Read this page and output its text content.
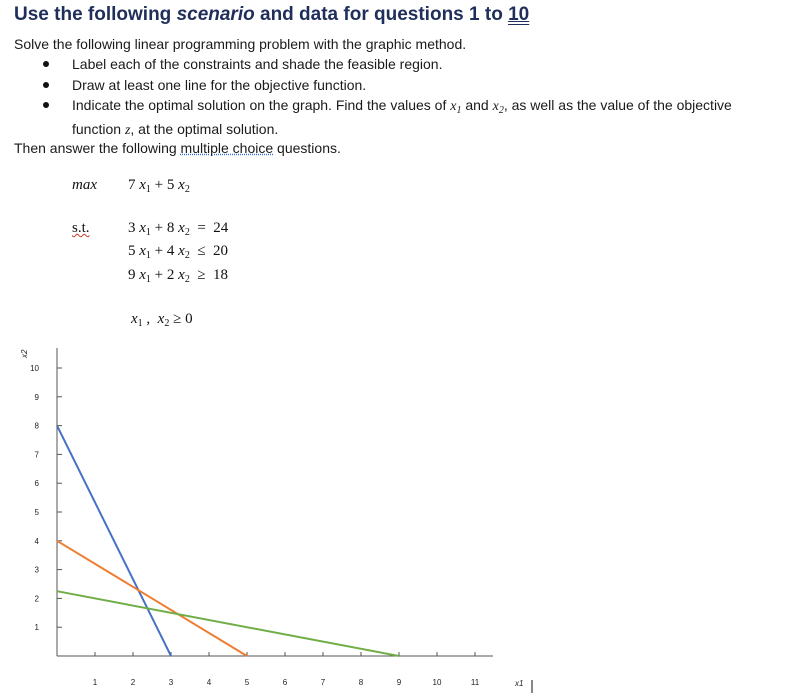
Use the following scenario and data for questions 1 to 10
Solve the following linear programming problem with the graphic method.
Label each of the constraints and shade the feasible region.
Draw at least one line for the objective function.
Indicate the optimal solution on the graph. Find the values of $x_1$ and $x_2$, as well as the value of the objective
function z, at the optimal solution.
Then answer the following multiple choice questions.
max 7 $x_1 + 5$ $x_2$
s.t.	3 $x_1 + 8$ $x_2 = 24$
5 $x_1 + 4$ $x_2 \le 20$
9 $x_1 + 2$ $x_2 \ge 18$
$x_1$ ,  $x_2 \ge 0$
1
2
3
4
5
6
7
8
9
10
1	2	3	4	5	6	7	8	9	10	11
x2
x1
